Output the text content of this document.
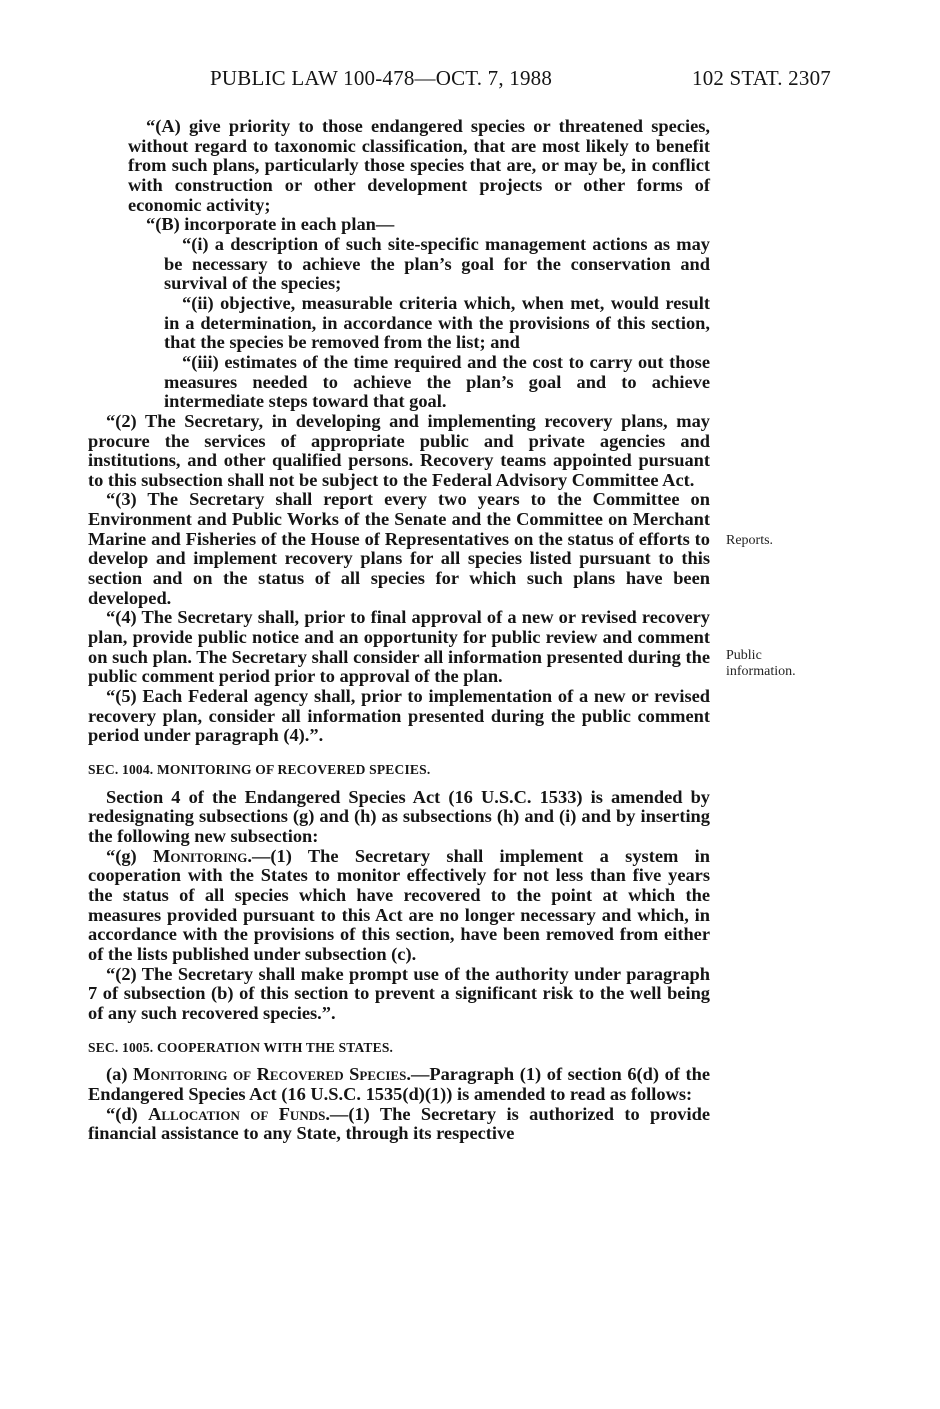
PUBLIC LAW 100-478—OCT. 7, 1988	102 STAT. 2307

“(A) give priority to those endangered species or threatened species, without regard to taxonomic classification, that are most likely to benefit from such plans, particularly those species that are, or may be, in conflict with construction or other development projects or other forms of economic activity;

“(B) incorporate in each plan—

“(i) a description of such site-specific management actions as may be necessary to achieve the plan’s goal for the conservation and survival of the species;

“(ii) objective, measurable criteria which, when met, would result in a determination, in accordance with the provisions of this section, that the species be removed from the list; and

“(iii) estimates of the time required and the cost to carry out those measures needed to achieve the plan’s goal and to achieve intermediate steps toward that goal.

“(2) The Secretary, in developing and implementing recovery plans, may procure the services of appropriate public and private agencies and institutions, and other qualified persons. Recovery teams appointed pursuant to this subsection shall not be subject to the Federal Advisory Committee Act.

“(3) The Secretary shall report every two years to the Committee on Environment and Public Works of the Senate and the Committee on Merchant Marine and Fisheries of the House of Representatives on the status of efforts to develop and implement recovery plans for all species listed pursuant to this section and on the status of all species for which such plans have been developed.

“(4) The Secretary shall, prior to final approval of a new or revised recovery plan, provide public notice and an opportunity for public review and comment on such plan. The Secretary shall consider all information presented during the public comment period prior to approval of the plan.

“(5) Each Federal agency shall, prior to implementation of a new or revised recovery plan, consider all information presented during the public comment period under paragraph (4).”.

SEC. 1004. MONITORING OF RECOVERED SPECIES.

Section 4 of the Endangered Species Act (16 U.S.C. 1533) is amended by redesignating subsections (g) and (h) as subsections (h) and (i) and by inserting the following new subsection:

“(g) Monitoring.—(1) The Secretary shall implement a system in cooperation with the States to monitor effectively for not less than five years the status of all species which have recovered to the point at which the measures provided pursuant to this Act are no longer necessary and which, in accordance with the provisions of this section, have been removed from either of the lists published under subsection (c).

“(2) The Secretary shall make prompt use of the authority under paragraph 7 of subsection (b) of this section to prevent a significant risk to the well being of any such recovered species.”.

SEC. 1005. COOPERATION WITH THE STATES.

(a) Monitoring of Recovered Species.—Paragraph (1) of section 6(d) of the Endangered Species Act (16 U.S.C. 1535(d)(1)) is amended to read as follows:

“(d) Allocation of Funds.—(1) The Secretary is authorized to provide financial assistance to any State, through its respective

Reports.
Public
information.
